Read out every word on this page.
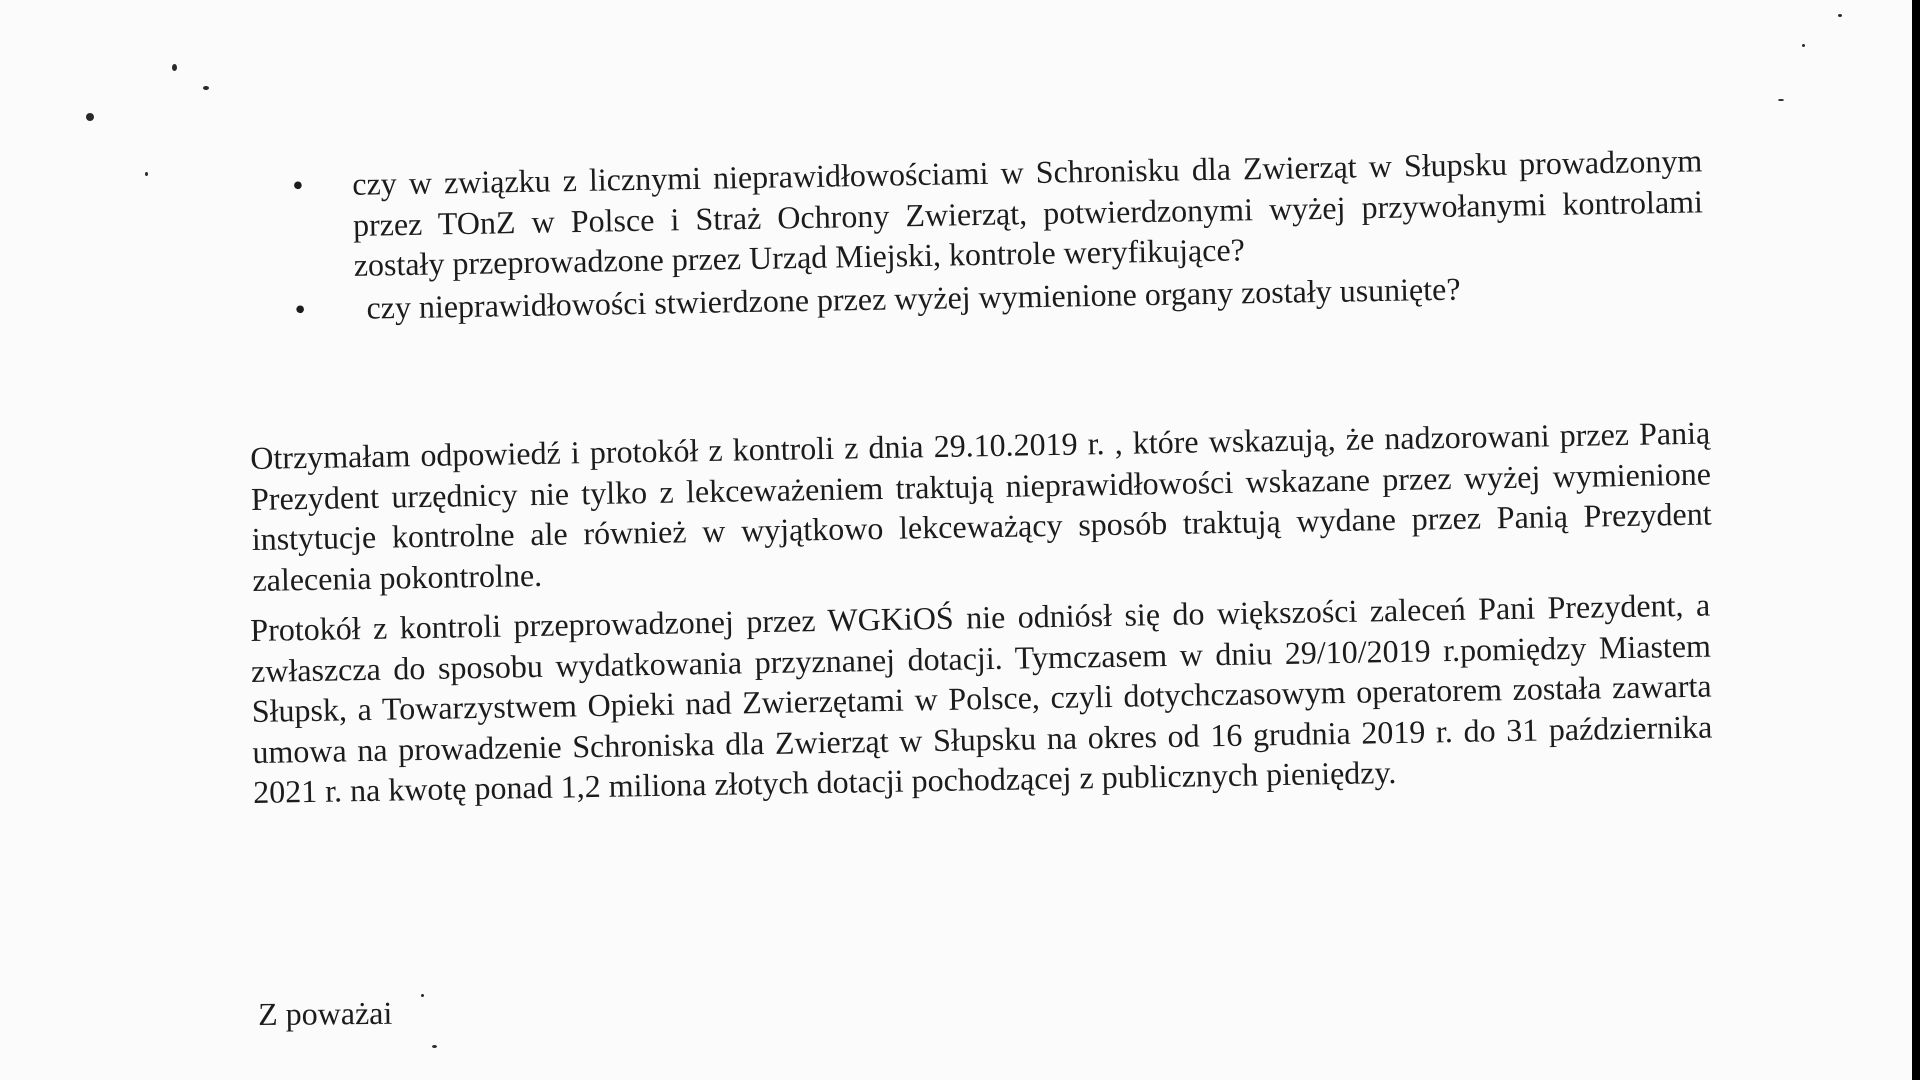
• czy w związku z licznymi nieprawidłowościami w Schronisku dla Zwierząt w Słupsku prowadzonym przez TOnZ w Polsce i Straż Ochrony Zwierząt, potwierdzonymi wyżej przywołanymi kontrolami zostały przeprowadzone przez Urząd Miejski, kontrole weryfikujące?
• czy nieprawidłowości stwierdzone przez wyżej wymienione organy zostały usunięte?

Otrzymałam odpowiedź i protokół z kontroli z dnia 29.10.2019 r. , które wskazują, że nadzorowani przez Panią Prezydent urzędnicy nie tylko z lekceważeniem traktują nieprawidłowości wskazane przez wyżej wymienione instytucje kontrolne ale również w wyjątkowo lekceważący sposób traktują wydane przez Panią Prezydent zalecenia pokontrolne.

Protokół z kontroli przeprowadzonej przez WGKiOŚ nie odniósł się do większości zaleceń Pani Prezydent, a zwłaszcza do sposobu wydatkowania przyznanej dotacji. Tymczasem w dniu 29/10/2019 r.pomiędzy Miastem Słupsk, a Towarzystwem Opieki nad Zwierzętami w Polsce, czyli dotychczasowym operatorem została zawarta umowa na prowadzenie Schroniska dla Zwierząt w Słupsku na okres od 16 grudnia 2019 r. do 31 października 2021 r. na kwotę ponad 1,2 miliona złotych dotacji pochodzącej z publicznych pieniędzy.

Z poważai
